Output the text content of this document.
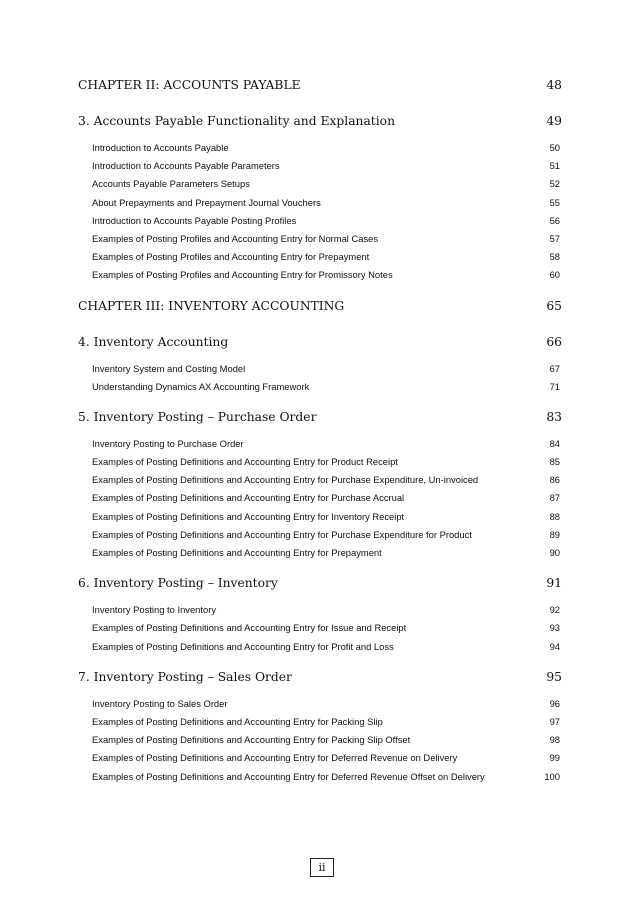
CHAPTER II: ACCOUNTS PAYABLE	48
3. Accounts Payable Functionality and Explanation	49
Introduction to Accounts Payable	50
Introduction to Accounts Payable Parameters	51
Accounts Payable Parameters Setups	52
About Prepayments and Prepayment Journal Vouchers	55
Introduction to Accounts Payable Posting Profiles	56
Examples of Posting Profiles and Accounting Entry for Normal Cases	57
Examples of Posting Profiles and Accounting Entry for Prepayment	58
Examples of Posting Profiles and Accounting Entry for Promissory Notes	60
CHAPTER III: INVENTORY ACCOUNTING	65
4. Inventory Accounting	66
Inventory System and Costing Model	67
Understanding Dynamics AX Accounting Framework	71
5. Inventory Posting – Purchase Order	83
Inventory Posting to Purchase Order	84
Examples of Posting Definitions and Accounting Entry for Product Receipt	85
Examples of Posting Definitions and Accounting Entry for Purchase Expenditure, Un-invoiced	86
Examples of Posting Definitions and Accounting Entry for Purchase Accrual	87
Examples of Posting Definitions and Accounting Entry for Inventory Receipt	88
Examples of Posting Definitions and Accounting Entry for Purchase Expenditure for Product	89
Examples of Posting Definitions and Accounting Entry for Prepayment	90
6. Inventory Posting – Inventory	91
Inventory Posting to Inventory	92
Examples of Posting Definitions and Accounting Entry for Issue and Receipt	93
Examples of Posting Definitions and Accounting Entry for Profit and Loss	94
7. Inventory Posting – Sales Order	95
Inventory Posting to Sales Order	96
Examples of Posting Definitions and Accounting Entry for Packing Slip	97
Examples of Posting Definitions and Accounting Entry for Packing Slip Offset	98
Examples of Posting Definitions and Accounting Entry for Deferred Revenue on Delivery	99
Examples of Posting Definitions and Accounting Entry for Deferred Revenue Offset on Delivery	100
ii
